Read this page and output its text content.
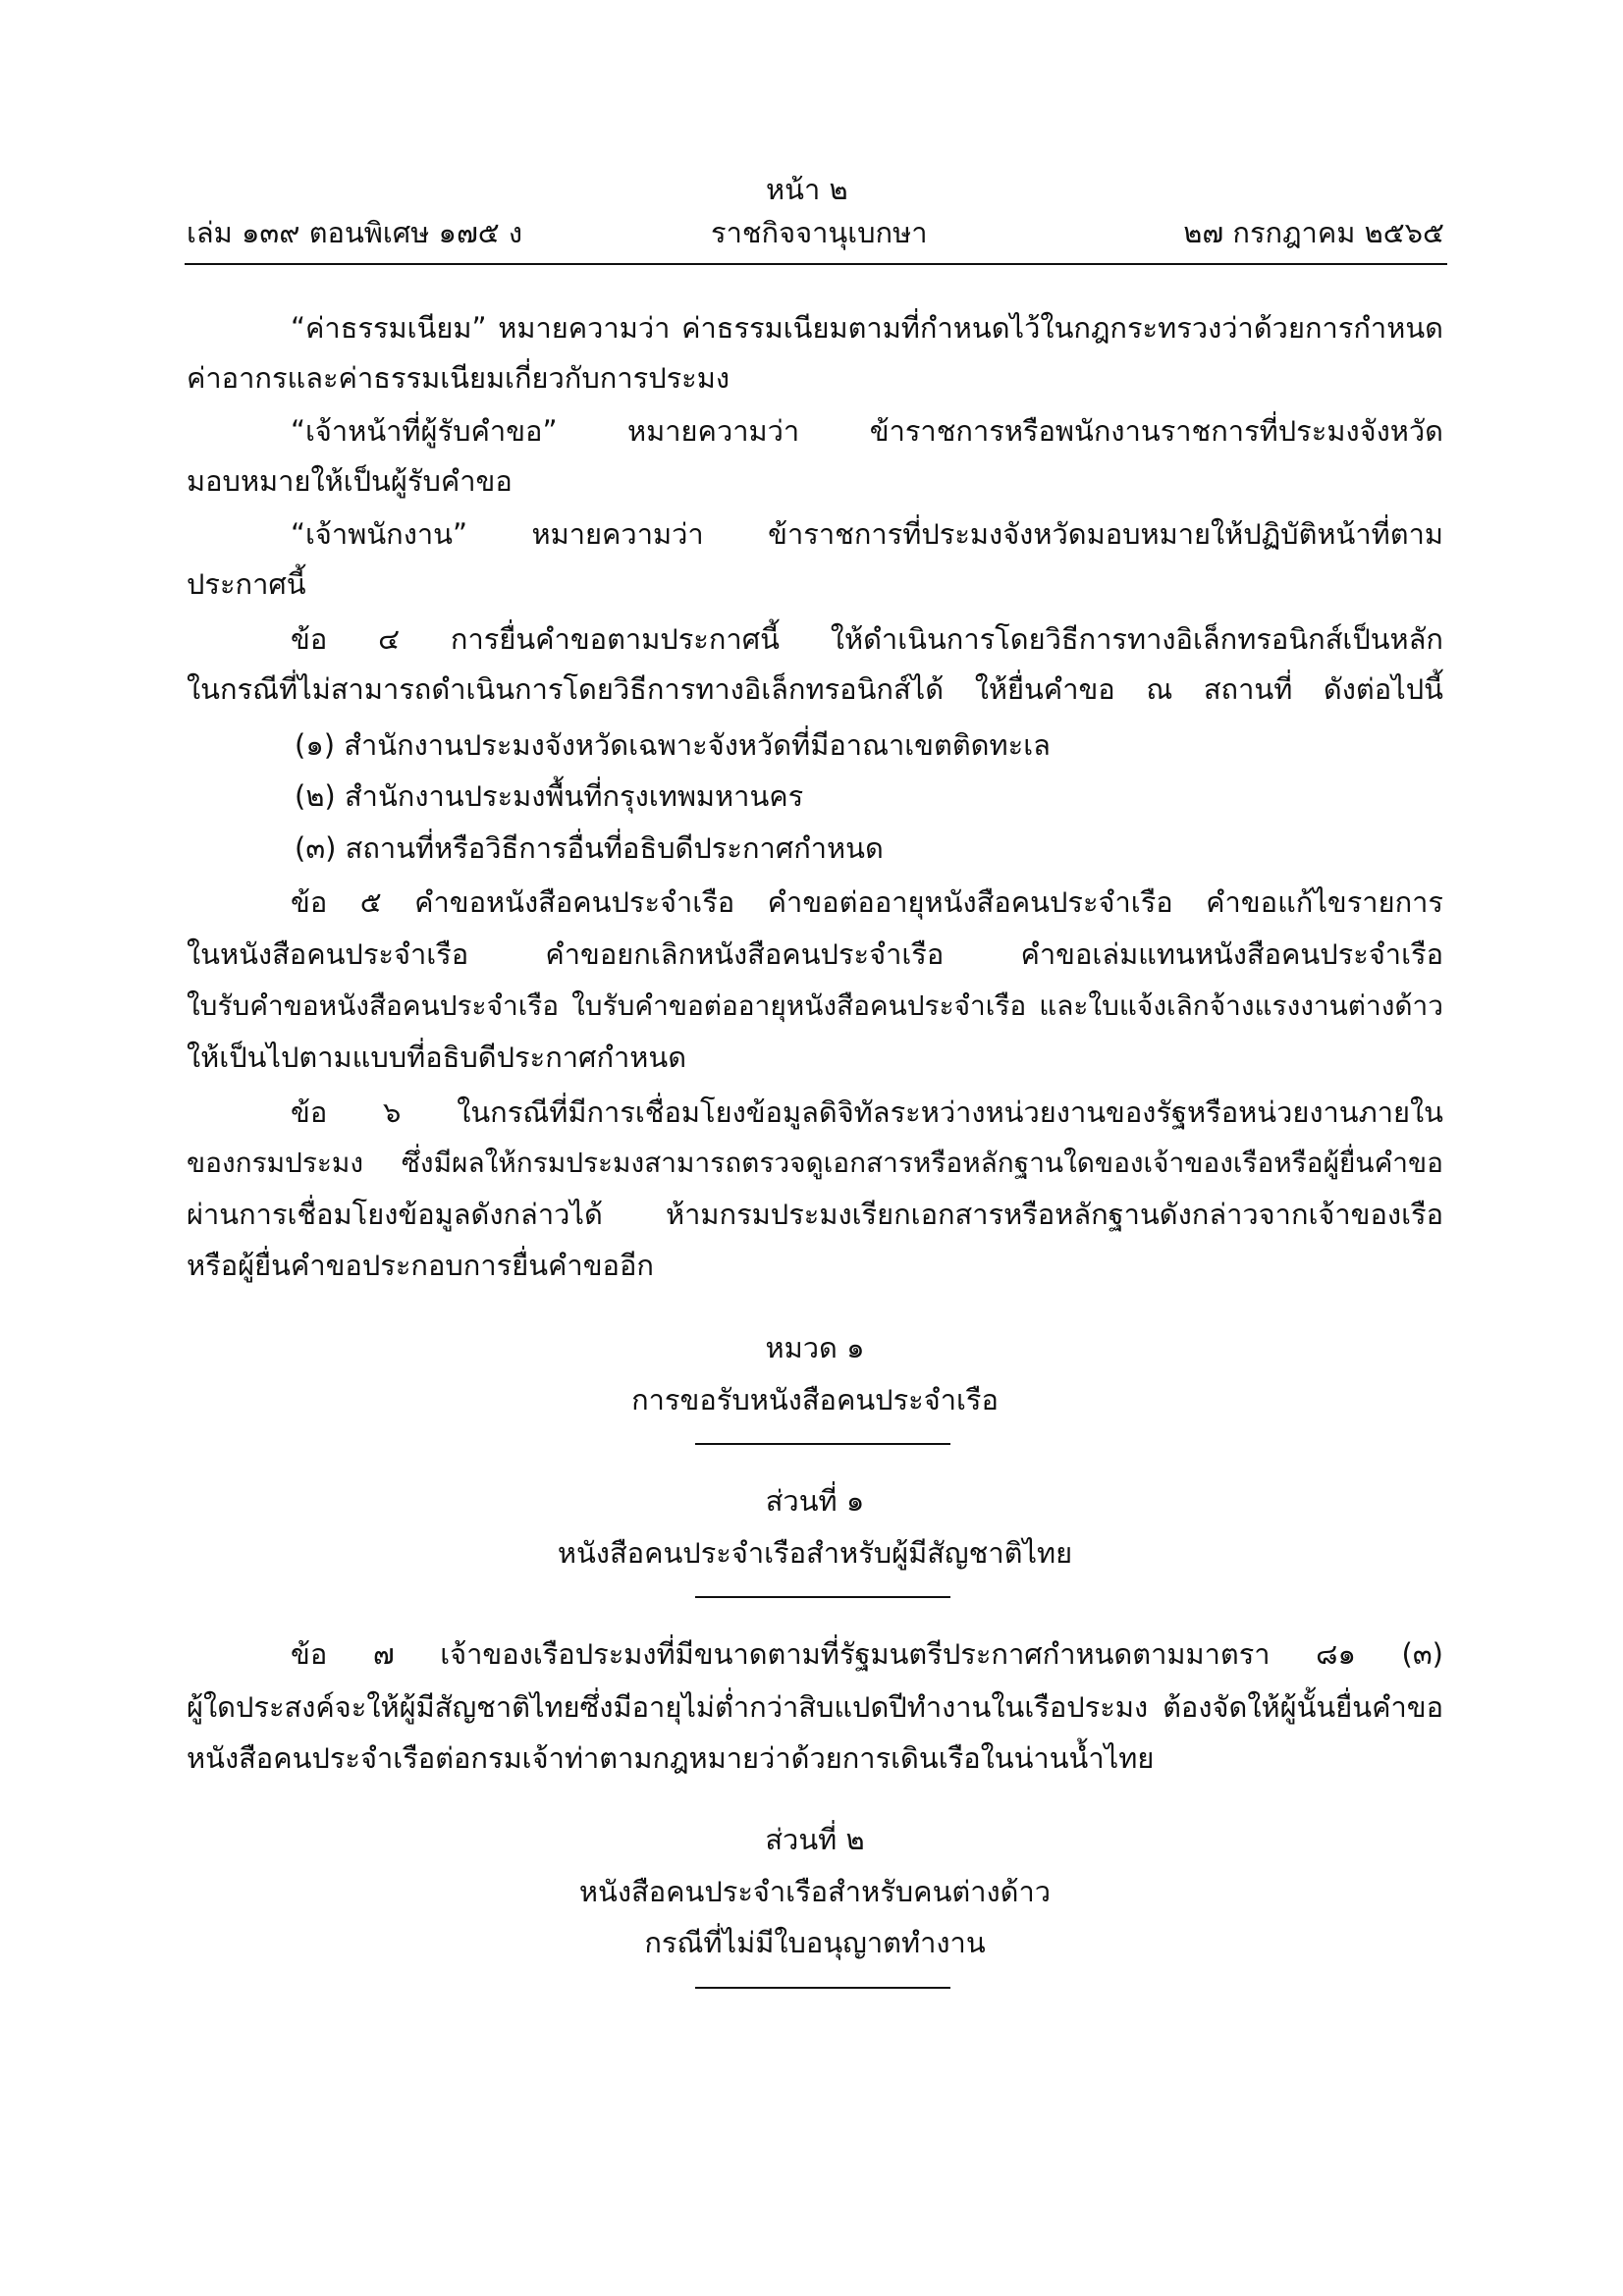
หน้า ๒
เล่ม ๑๓๙ ตอนพิเศษ ๑๗๕ ง	ราชกิจจานุเบกษา	๒๗ กรกฎาคม ๒๕๖๕
“ค่าธรรมเนียม” หมายความว่า ค่าธรรมเนียมตามที่กำหนดไว้ในกฎกระทรวงว่าด้วยการกำหนด
ค่าอากรและค่าธรรมเนียมเกี่ยวกับการประมง
“เจ้าหน้าที่ผู้รับคำขอ” หมายความว่า ข้าราชการหรือพนักงานราชการที่ประมงจังหวัด
มอบหมายให้เป็นผู้รับคำขอ
“เจ้าพนักงาน” หมายความว่า ข้าราชการที่ประมงจังหวัดมอบหมายให้ปฏิบัติหน้าที่ตาม
ประกาศนี้
ข้อ ๔ การยื่นคำขอตามประกาศนี้ ให้ดำเนินการโดยวิธีการทางอิเล็กทรอนิกส์เป็นหลัก
ในกรณีที่ไม่สามารถดำเนินการโดยวิธีการทางอิเล็กทรอนิกส์ได้ ให้ยื่นคำขอ ณ สถานที่ ดังต่อไปนี้
(๑) สำนักงานประมงจังหวัดเฉพาะจังหวัดที่มีอาณาเขตติดทะเล
(๒) สำนักงานประมงพื้นที่กรุงเทพมหานคร
(๓) สถานที่หรือวิธีการอื่นที่อธิบดีประกาศกำหนด
ข้อ ๕ คำขอหนังสือคนประจำเรือ คำขอต่ออายุหนังสือคนประจำเรือ คำขอแก้ไขรายการ
ในหนังสือคนประจำเรือ คำขอยกเลิกหนังสือคนประจำเรือ คำขอเล่มแทนหนังสือคนประจำเรือ
ใบรับคำขอหนังสือคนประจำเรือ ใบรับคำขอต่ออายุหนังสือคนประจำเรือ และใบแจ้งเลิกจ้างแรงงานต่างด้าว
ให้เป็นไปตามแบบที่อธิบดีประกาศกำหนด
ข้อ ๖ ในกรณีที่มีการเชื่อมโยงข้อมูลดิจิทัลระหว่างหน่วยงานของรัฐหรือหน่วยงานภายใน
ของกรมประมง ซึ่งมีผลให้กรมประมงสามารถตรวจดูเอกสารหรือหลักฐานใดของเจ้าของเรือหรือผู้ยื่นคำขอ
ผ่านการเชื่อมโยงข้อมูลดังกล่าวได้ ห้ามกรมประมงเรียกเอกสารหรือหลักฐานดังกล่าวจากเจ้าของเรือ
หรือผู้ยื่นคำขอประกอบการยื่นคำขออีก
หมวด ๑
การขอรับหนังสือคนประจำเรือ
ส่วนที่ ๑
หนังสือคนประจำเรือสำหรับผู้มีสัญชาติไทย
ข้อ ๗ เจ้าของเรือประมงที่มีขนาดตามที่รัฐมนตรีประกาศกำหนดตามมาตรา ๘๑ (๓)
ผู้ใดประสงค์จะให้ผู้มีสัญชาติไทยซึ่งมีอายุไม่ต่ำกว่าสิบแปดปีทำงานในเรือประมง ต้องจัดให้ผู้นั้นยื่นคำขอ
หนังสือคนประจำเรือต่อกรมเจ้าท่าตามกฎหมายว่าด้วยการเดินเรือในน่านน้ำไทย
ส่วนที่ ๒
หนังสือคนประจำเรือสำหรับคนต่างด้าว
กรณีที่ไม่มีใบอนุญาตทำงาน
